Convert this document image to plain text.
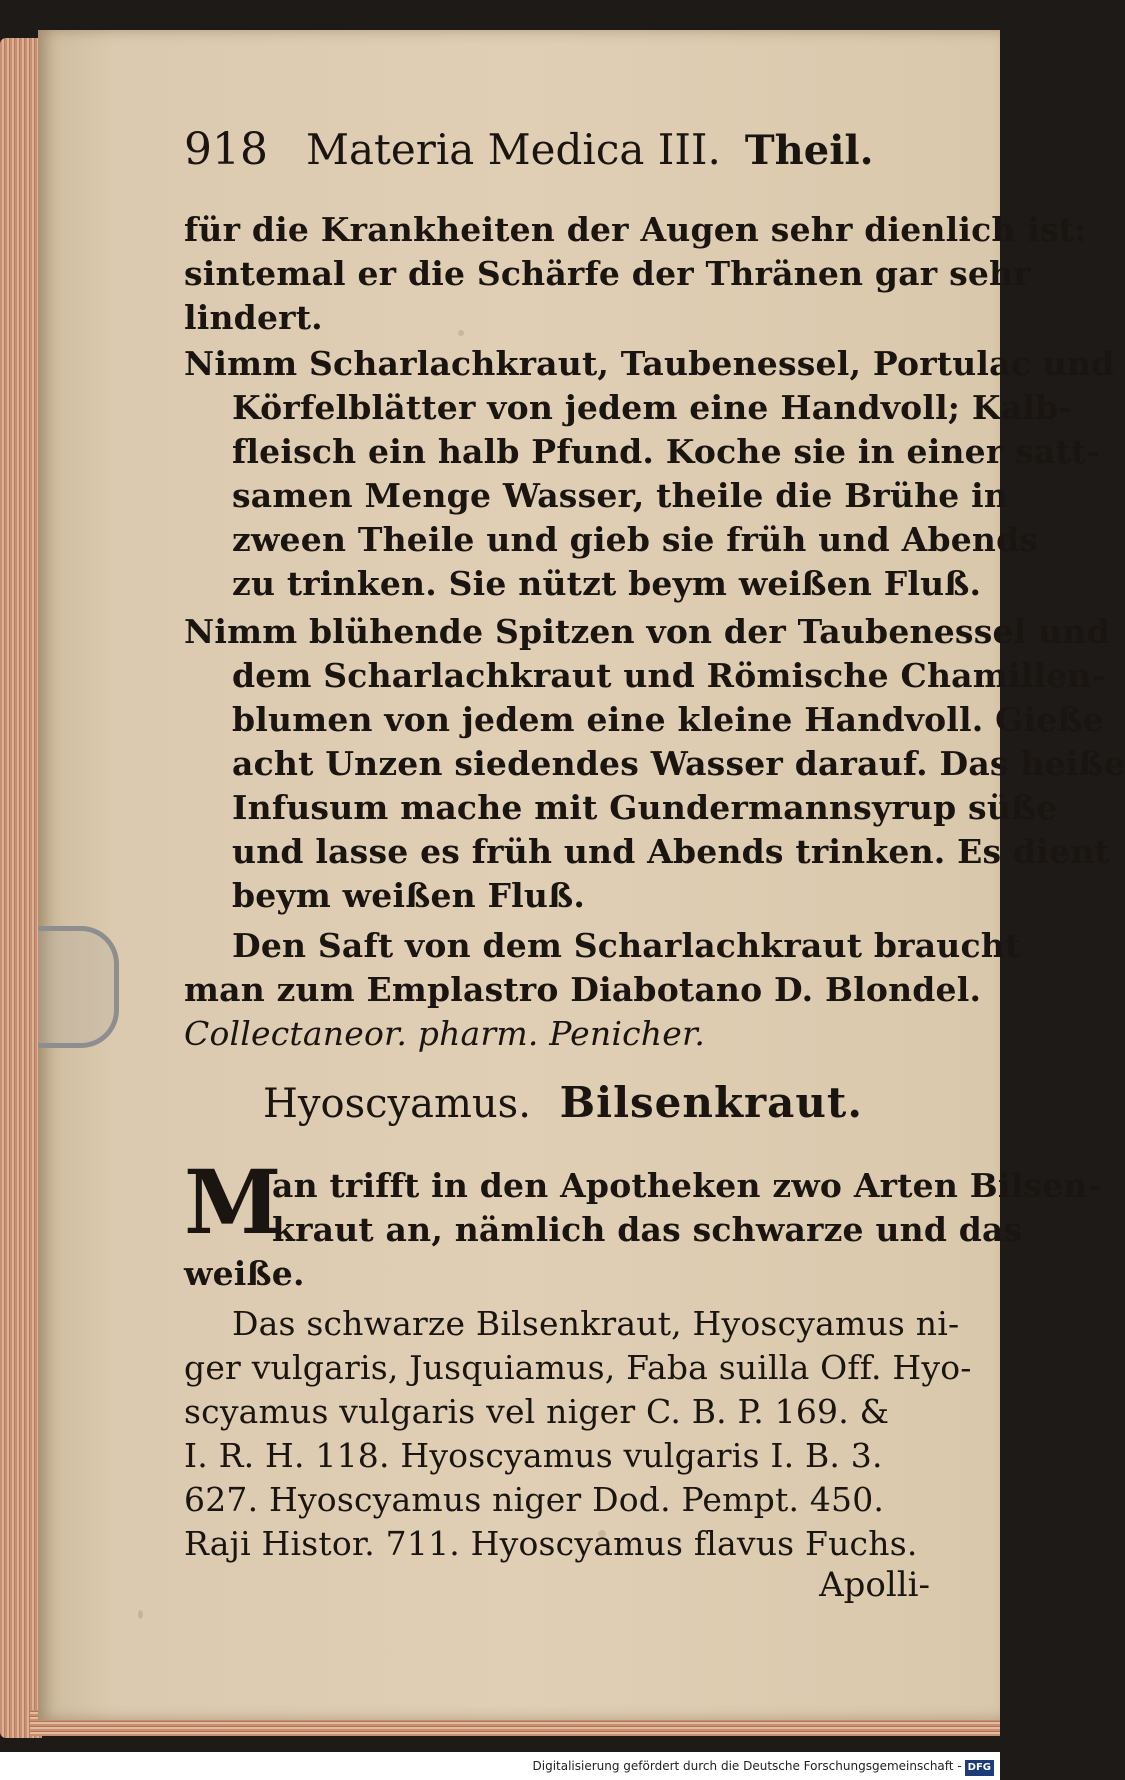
918 Materia Medica III. Theil.
für die Krankheiten der Augen sehr dienlich ist:
sintemal er die Schärfe der Thränen gar sehr
lindert.
Nimm Scharlachkraut, Taubenessel, Portulac und
Körfelblätter von jedem eine Handvoll; Kalb-
fleisch ein halb Pfund. Koche sie in einer satt-
samen Menge Wasser, theile die Brühe in
zween Theile und gieb sie früh und Abends
zu trinken. Sie nützt beym weißen Fluß.
Nimm blühende Spitzen von der Taubenessel und
dem Scharlachkraut und Römische Chamillen-
blumen von jedem eine kleine Handvoll. Gieße
acht Unzen siedendes Wasser darauf. Das heiße
Infusum mache mit Gundermannsyrup süße
und lasse es früh und Abends trinken. Es dient
beym weißen Fluß.
Den Saft von dem Scharlachkraut braucht
man zum Emplastro Diabotano D. Blondel.
Collectaneor. pharm. Penicher.
Hyoscyamus. Bilsenkraut.
M
an trifft in den Apotheken zwo Arten Bilsen-
kraut an, nämlich das schwarze und das
weiße.
Das schwarze Bilsenkraut, Hyoscyamus ni-
ger vulgaris, Jusquiamus, Faba suilla Off. Hyo-
scyamus vulgaris vel niger C. B. P. 169. &
I. R. H. 118. Hyoscyamus vulgaris I. B. 3.
627. Hyoscyamus niger Dod. Pempt. 450.
Raji Histor. 711. Hyoscyamus flavus Fuchs.
Apolli-
Digitalisierung gefördert durch die Deutsche Forschungsgemeinschaft - DFG
